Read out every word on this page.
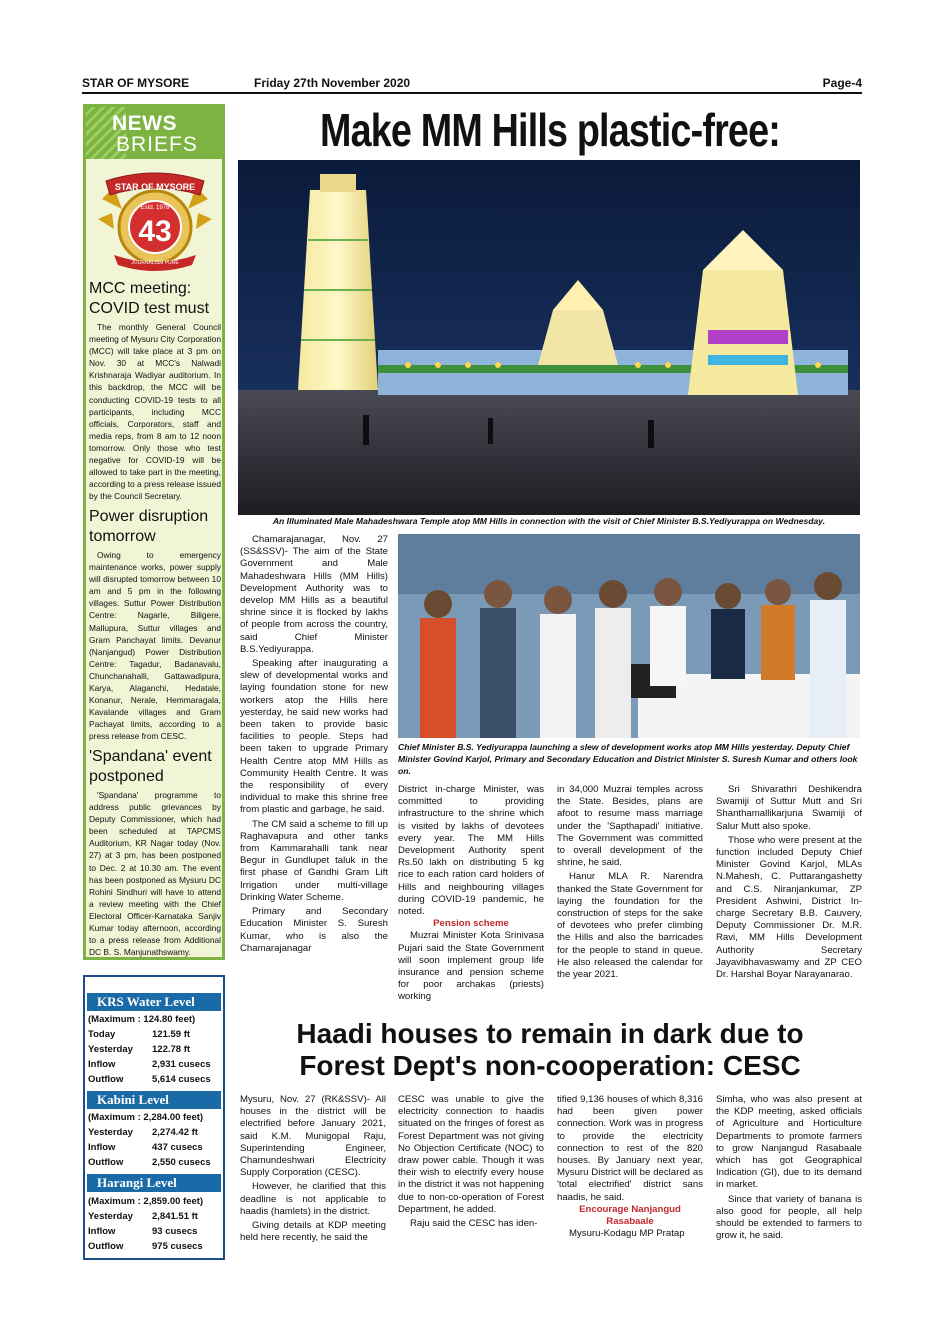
STAR OF MYSORE	Friday 27th November 2020	Page-4
NEWS
BRIEFS
STAR OF MYSORE
Estd. 1978
43
JOURNALISM PURE
MCC meeting: COVID test must
The monthly General Council meeting of Mysuru City Corporation (MCC) will take place at 3 pm on Nov. 30 at MCC's Nalwadi Krishnaraja Wadiyar auditorium. In this backdrop, the MCC will be conducting COVID-19 tests to all participants, including MCC officials, Corporators, staff and media reps, from 8 am to 12 noon tomorrow. Only those who test negative for COVID-19 will be allowed to take part in the meeting, according to a press release issued by the Council Secretary.
Power disruption tomorrow
Owing to emergency maintenance works, power supply will disrupted tomorrow between 10 am and 5 pm in the following villages. Suttur Power Distribution Centre: Nagarle, Biligere, Mallupura, Suttur villages and Gram Panchayat limits. Devanur (Nanjangud) Power Distribution Centre: Tagadur, Badanavalu, Chunchanahalli, Gattawadipura, Karya, Alaganchi, Hedatale, Konanur, Nerale, Hemmaragala, Kavalande villages and Gram Pachayat limits, according to a press release from CESC.
'Spandana' event postponed
'Spandana' programme to address public grievances by Deputy Commissioner, which had been scheduled at TAPCMS Auditorium, KR Nagar today (Nov. 27) at 3 pm, has been postponed to Dec. 2 at 10.30 am. The event has been postponed as Mysuru DC Rohini Sindhuri will have to attend a review meeting with the Chief Electoral Officer-Karnataka Sanjiv Kumar today afternoon, according to a press release from Additional DC B. S. Manjunathswamy.
KRS Water Level
(Maximum : 124.80 feet)
Today	121.59 ft
Yesterday 122.78 ft
Inflow	2,931 cusecs
Outflow	5,614 cusecs
Kabini Level
(Maximum : 2,284.00 feet)
Yesterday 2,274.42 ft
Inflow	437 cusecs
Outflow	2,550 cusecs
Harangi Level
(Maximum : 2,859.00 feet)
Yesterday 2,841.51 ft
Inflow	93 cusecs
Outflow	975 cusecs
Make MM Hills plastic-free:
An Illuminated Male Mahadeshwara Temple atop MM Hills in connection with the visit of Chief Minister B.S.Yediyurappa on Wednesday.

Chamarajanagar, Nov. 27 (SS&SSV)- The aim of the State Government and Male Mahadeshwara Hills (MM Hills) Development Authority was to develop MM Hills as a beautiful shrine since it is flocked by lakhs of people from across the country, said Chief Minister B.S.Yediyurappa.

Speaking after inaugurating a slew of developmental works and laying foundation stone for new workers atop the Hills here yesterday, he said new works had been taken to provide basic facilities to people. Steps had been taken to upgrade Primary Health Centre atop MM Hills as Community Health Centre. It was the responsibility of every individual to make this shrine free from plastic and garbage, he said.

The CM said a scheme to fill up Raghavapura and other tanks from Kammarahalli tank near Begur in Gundlupet taluk in the first phase of Gandhi Gram Lift Irrigation under multi-village Drinking Water Scheme.

Primary and Secondary Education Minister S. Suresh Kumar, who is also the Chamarajanagar

Chief Minister B.S. Yediyurappa launching a slew of development works atop MM Hills yesterday. Deputy Chief Minister Govind Karjol, Primary and Secondary Education and District Minister S. Suresh Kumar and others look on.

District in-charge Minister, was committed to providing infrastructure to the shrine which is visited by lakhs of devotees every year. The MM Hills Development Authority spent Rs.50 lakh on distributing 5 kg rice to each ration card holders of Hills and neighbouring villages during COVID-19 pandemic, he noted.

Pension scheme

Muzrai Minister Kota Srinivasa Pujari said the State Government will soon implement group life insurance and pension scheme for poor archakas (priests) working

in 34,000 Muzrai temples across the State. Besides, plans are afoot to resume mass marriage under the 'Sapthapadi' initiative. The Government was committed to overall development of the shrine, he said.

Hanur MLA R. Narendra thanked the State Government for laying the foundation for the construction of steps for the sake of devotees who prefer climbing the Hills and also the barricades for the people to stand in queue. He also released the calendar for the year 2021.

Sri Shivarathri Deshikendra Swamiji of Suttur Mutt and Sri Shanthamallikarjuna Swamiji of Salur Mutt also spoke.

Those who were present at the function included Deputy Chief Minister Govind Karjol, MLAs N.Mahesh, C. Puttarangashetty and C.S. Niranjankumar, ZP President Ashwini, District In-charge Secretary B.B. Cauvery, Deputy Commissioner Dr. M.R. Ravi, MM Hills Development Authority Secretary Jayavibhavaswamy and ZP CEO Dr. Harshal Boyar Narayanarao.

Haadi houses to remain in dark due to
Forest Dept's non-cooperation: CESC

Mysuru, Nov. 27 (RK&SSV)- All houses in the district will be electrified before January 2021, said K.M. Munigopal Raju, Superintending Engineer, Chamundeshwari Electricity Supply Corporation (CESC).

However, he clarified that this deadline is not applicable to haadis (hamlets) in the district.

Giving details at KDP meeting held here recently, he said the

CESC was unable to give the electricity connection to haadis situated on the fringes of forest as Forest Department was not giving No Objection Certificate (NOC) to draw power cable. Though it was their wish to electrify every house in the district it was not happening due to non-co-operation of Forest Department, he added.

Raju said the CESC has iden-

tified 9,136 houses of which 8,316 had been given power connection. Work was in progress to provide the electricity connection to rest of the 820 houses. By January next year, Mysuru District will be declared as 'total electrified' district sans haadis, he said.

Encourage Nanjangud Rasabaale

Mysuru-Kodagu MP Pratap

Simha, who was also present at the KDP meeting, asked officials of Agriculture and Horticulture Departments to promote farmers to grow Nanjangud Rasabaale which has got Geographical Indication (GI), due to its demand in market.

Since that variety of banana is also good for people, all help should be extended to farmers to grow it, he said.
